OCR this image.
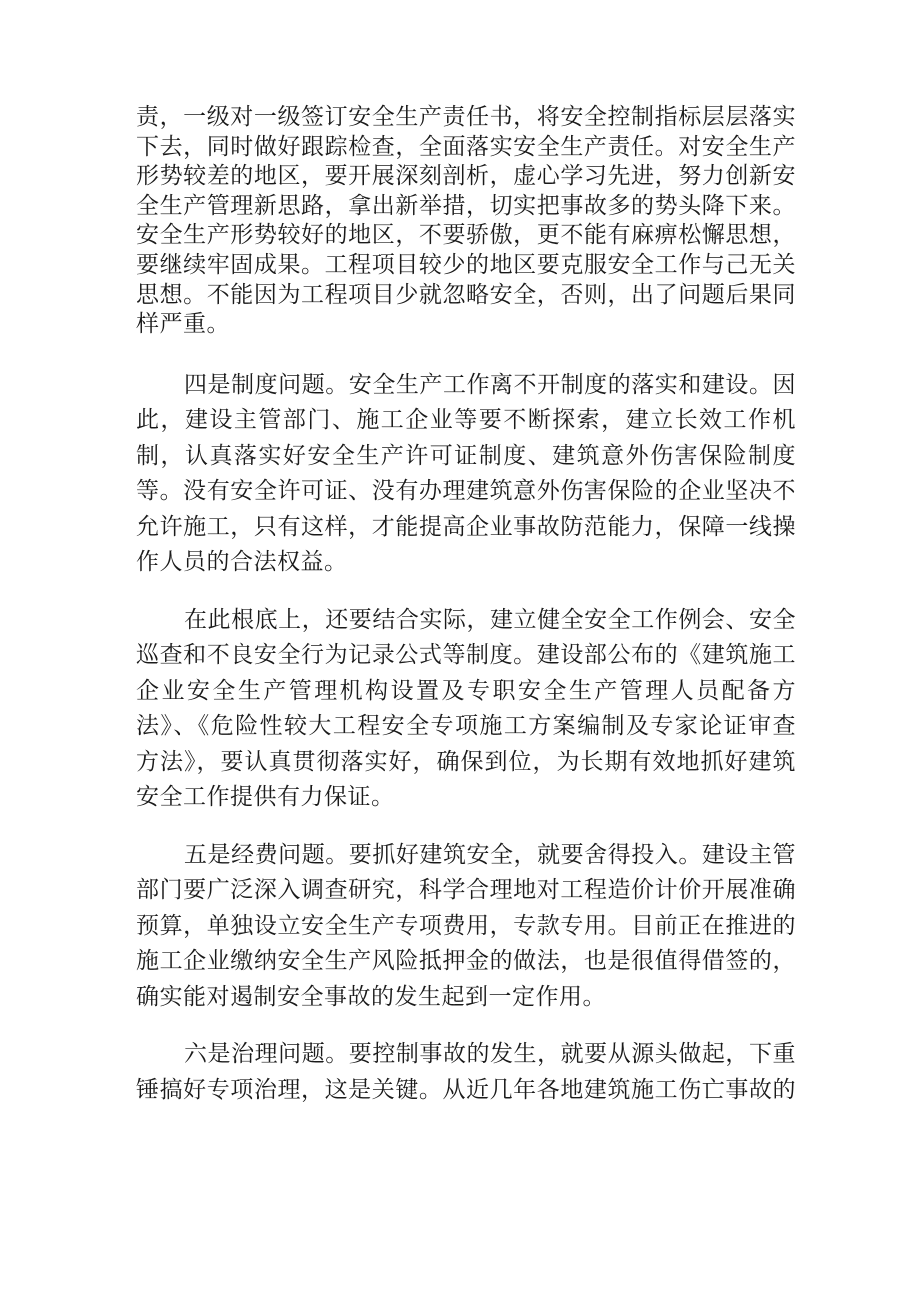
责，一级对一级签订安全生产责任书，将安全控制指标层层落实
下去，同时做好跟踪检查，全面落实安全生产责任。对安全生产
形势较差的地区，要开展深刻剖析，虚心学习先进，努力创新安
全生产管理新思路，拿出新举措，切实把事故多的势头降下来。
安全生产形势较好的地区，不要骄傲，更不能有麻痹松懈思想，
要继续牢固成果。工程项目较少的地区要克服安全工作与己无关
思想。不能因为工程项目少就忽略安全，否则，出了问题后果同
样严重。
四是制度问题。安全生产工作离不开制度的落实和建设。因
此，建设主管部门、施工企业等要不断探索，建立长效工作机
制，认真落实好安全生产许可证制度、建筑意外伤害保险制度
等。没有安全许可证、没有办理建筑意外伤害保险的企业坚决不
允许施工，只有这样，才能提高企业事故防范能力，保障一线操
作人员的合法权益。
在此根底上，还要结合实际，建立健全安全工作例会、安全
巡查和不良安全行为记录公式等制度。建设部公布的《建筑施工
企业安全生产管理机构设置及专职安全生产管理人员配备方
法》、《危险性较大工程安全专项施工方案编制及专家论证审查
方法》，要认真贯彻落实好，确保到位，为长期有效地抓好建筑
安全工作提供有力保证。
五是经费问题。要抓好建筑安全，就要舍得投入。建设主管
部门要广泛深入调查研究，科学合理地对工程造价计价开展准确
预算，单独设立安全生产专项费用，专款专用。目前正在推进的
施工企业缴纳安全生产风险抵押金的做法，也是很值得借签的，
确实能对遏制安全事故的发生起到一定作用。
六是治理问题。要控制事故的发生，就要从源头做起，下重
锤搞好专项治理，这是关键。从近几年各地建筑施工伤亡事故的
